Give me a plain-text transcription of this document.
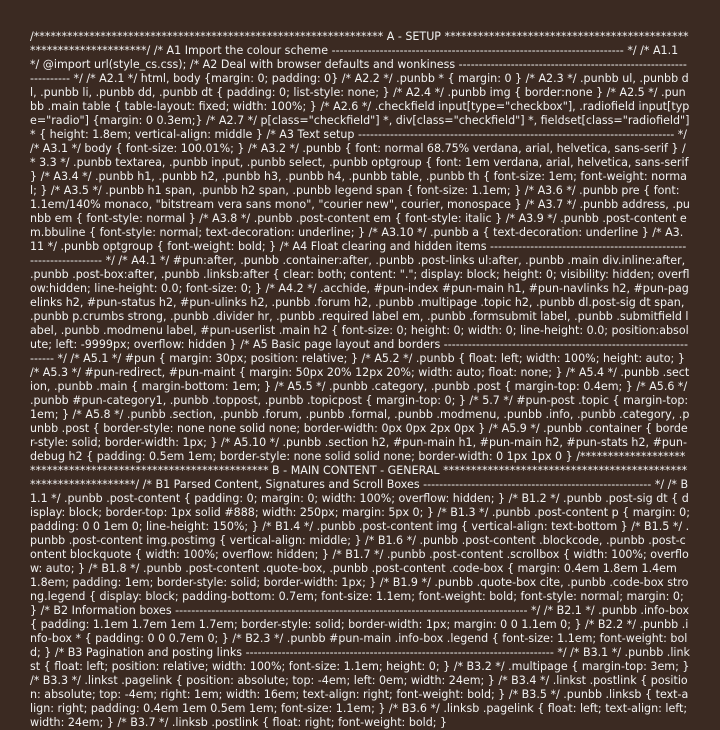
/*************************************************************** A - SETUP *****************************************************************/ /* A1 Import the colour scheme ------------------------------------------------------------------------- */ /* A1.1 */ @import url(style_cs.css); /* A2 Deal with browser defaults and wonkiness ------------------------------------------------------------------- */ /* A2.1 */ html, body {margin: 0; padding: 0} /* A2.2 */ .punbb * { margin: 0 } /* A2.3 */ .punbb ul, .punbb dl, .punbb li, .punbb dd, .punbb dt { padding: 0; list-style: none; } /* A2.4 */ .punbb img { border:none } /* A2.5 */ .punbb .main table { table-layout: fixed; width: 100%; } /* A2.6 */ .checkfield input[type="checkbox"], .radiofield input[type="radio"] {margin: 0 0.3em;} /* A2.7 */ p[class="checkfield"] *, div[class="checkfield"] *, fieldset[class="radiofield"] * { height: 1.8em; vertical-align: middle } /* A3 Text setup ------------------------------------------------------------------------------- */ /* A3.1 */ body { font-size: 100.01%; } /* A3.2 */ .punbb { font: normal 68.75% verdana, arial, helvetica, sans-serif } /* 3.3 */ .punbb textarea, .punbb input, .punbb select, .punbb optgroup { font: 1em verdana, arial, helvetica, sans-serif } /* A3.4 */ .punbb h1, .punbb h2, .punbb h3, .punbb h4, .punbb table, .punbb th { font-size: 1em; font-weight: normal; } /* A3.5 */ .punbb h1 span, .punbb h2 span, .punbb legend span { font-size: 1.1em; } /* A3.6 */ .punbb pre { font: 1.1em/140% monaco, "bitstream vera sans mono", "courier new", courier, monospace } /* A3.7 */ .punbb address, .punbb em { font-style: normal } /* A3.8 */ .punbb .post-content em { font-style: italic } /* A3.9 */ .punbb .post-content em.bbuline { font-style: normal; text-decoration: underline; } /* A3.10 */ .punbb a { text-decoration: underline } /* A3.11 */ .punbb optgroup { font-weight: bold; } /* A4 Float clearing and hidden items ------------------------------------------------------------------- */ /* A4.1 */ #pun:after, .punbb .container:after, .punbb .post-links ul:after, .punbb .main div.inline:after, .punbb .post-box:after, .punbb .linksb:after { clear: both; content: "."; display: block; height: 0; visibility: hidden; overflow:hidden; line-height: 0.0; font-size: 0; } /* A4.2 */ .acchide, #pun-index #pun-main h1, #pun-navlinks h2, #pun-pagelinks h2, #pun-status h2, #pun-ulinks h2, .punbb .forum h2, .punbb .multipage .topic h2, .punbb dl.post-sig dt span, .punbb p.crumbs strong, .punbb .divider hr, .punbb .required label em, .punbb .formsubmit label, .punbb .submitfield label, .punbb .modmenu label, #pun-userlist .main h2 { font-size: 0; height: 0; width: 0; line-height: 0.0; position:absolute; left: -9999px; overflow: hidden } /* A5 Basic page layout and borders ------------------------------------------------------------------- */ /* A5.1 */ #pun { margin: 30px; position: relative; } /* A5.2 */ .punbb { float: left; width: 100%; height: auto; } /* A5.3 */ #pun-redirect, #pun-maint { margin: 50px 20% 12px 20%; width: auto; float: none; } /* A5.4 */ .punbb .section, .punbb .main { margin-bottom: 1em; } /* A5.5 */ .punbb .category, .punbb .post { margin-top: 0.4em; } /* A5.6 */ .punbb #pun-category1, .punbb .toppost, .punbb .topicpost { margin-top: 0; } /* 5.7 */ #pun-post .topic { margin-top: 1em; } /* A5.8 */ .punbb .section, .punbb .forum, .punbb .formal, .punbb .modmenu, .punbb .info, .punbb .category, .punbb .post { border-style: none none solid none; border-width: 0px 0px 2px 0px } /* A5.9 */ .punbb .container { border-style: solid; border-width: 1px; } /* A5.10 */ .punbb .section h2, #pun-main h1, #pun-main h2, #pun-stats h2, #pun-debug h2 { padding: 0.5em 1em; border-style: none solid solid none; border-width: 0 1px 1px 0 } /************************************************************** B - MAIN CONTENT - GENERAL ***************************************************************/ /* B1 Parsed Content, Signatures and Scroll Boxes --------------------------------------------------------- */ /* B1.1 */ .punbb .post-content { padding: 0; margin: 0; width: 100%; overflow: hidden; } /* B1.2 */ .punbb .post-sig dt { display: block; border-top: 1px solid #888; width: 250px; margin: 5px 0; } /* B1.3 */ .punbb .post-content p { margin: 0; padding: 0 0 1em 0; line-height: 150%; } /* B1.4 */ .punbb .post-content img { vertical-align: text-bottom } /* B1.5 */ .punbb .post-content img.postimg { vertical-align: middle; } /* B1.6 */ .punbb .post-content .blockcode, .punbb .post-content blockquote { width: 100%; overflow: hidden; } /* B1.7 */ .punbb .post-content .scrollbox { width: 100%; overflow: auto; } /* B1.8 */ .punbb .post-content .quote-box, .punbb .post-content .code-box { margin: 0.4em 1.8em 1.4em 1.8em; padding: 1em; border-style: solid; border-width: 1px; } /* B1.9 */ .punbb .quote-box cite, .punbb .code-box strong.legend { display: block; padding-bottom: 0.7em; font-size: 1.1em; font-weight: bold; font-style: normal; margin: 0; } /* B2 Information boxes ---------------------------------------------------------------------------------------- */ /* B2.1 */ .punbb .info-box { padding: 1.1em 1.7em 1em 1.7em; border-style: solid; border-width: 1px; margin: 0 0 1.1em 0; } /* B2.2 */ .punbb .info-box * { padding: 0 0 0.7em 0; } /* B2.3 */ .punbb #pun-main .info-box .legend { font-size: 1.1em; font-weight: bold; } /* B3 Pagination and posting links ----------------------------------------------------------------------------- */ /* B3.1 */ .punbb .linkst { float: left; position: relative; width: 100%; font-size: 1.1em; height: 0; } /* B3.2 */ .multipage { margin-top: 3em; } /* B3.3 */ .linkst .pagelink { position: absolute; top: -4em; left: 0em; width: 24em; } /* B3.4 */ .linkst .postlink { position: absolute; top: -4em; right: 1em; width: 16em; text-align: right; font-weight: bold; } /* B3.5 */ .punbb .linksb { text-align: right; padding: 0.4em 1em 0.5em 1em; font-size: 1.1em; } /* B3.6 */ .linksb .pagelink { float: left; text-align: left; width: 24em; } /* B3.7 */ .linksb .postlink { float: right; font-weight: bold; }
